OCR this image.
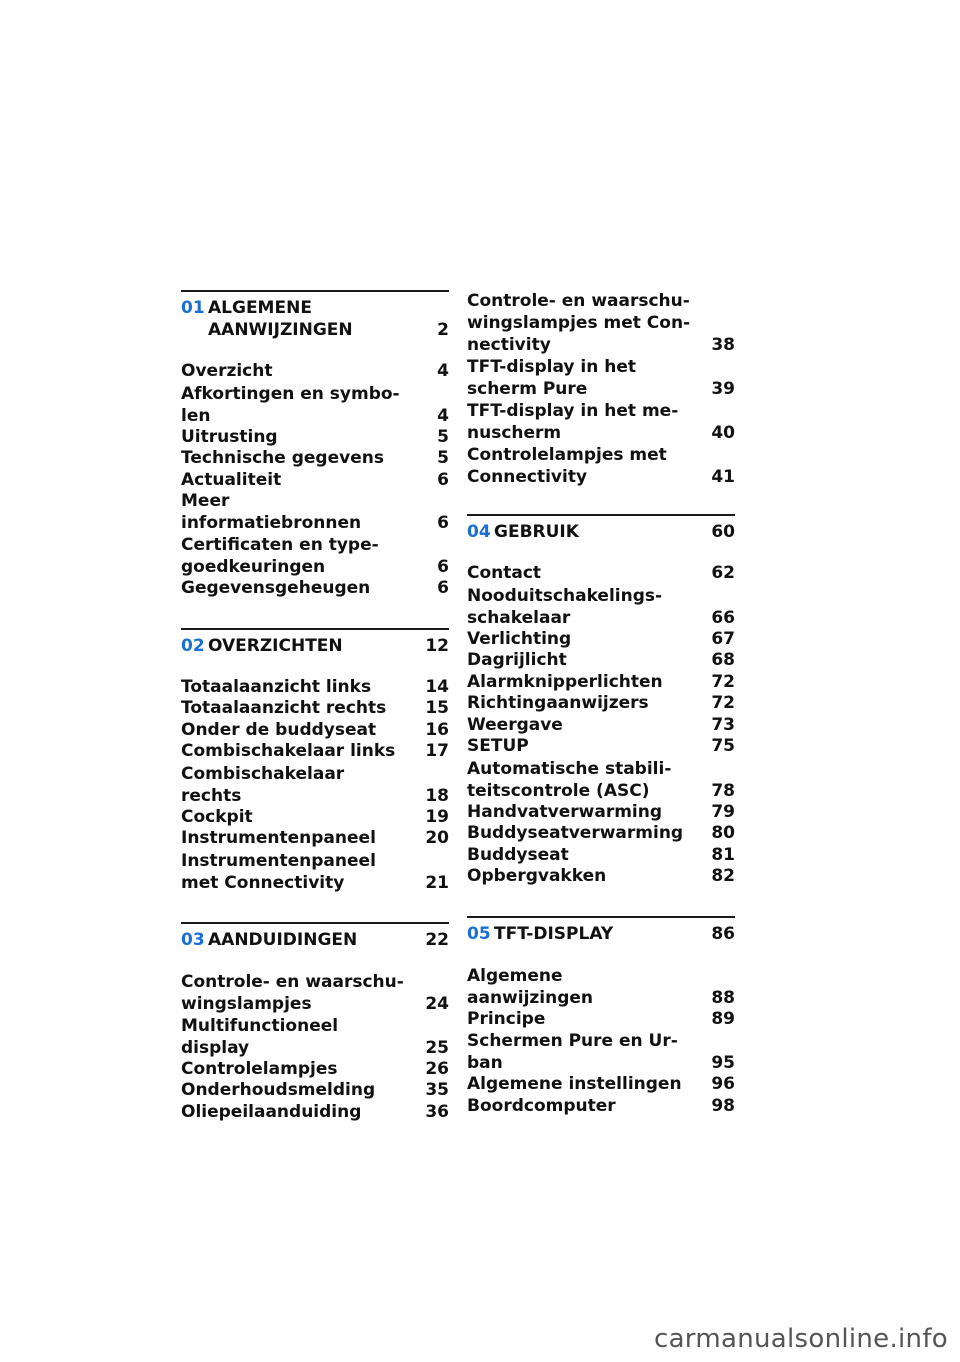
01 ALGEMENE
AANWIJZINGEN	2
Overzicht	4
Afkortingen en symbo-
len	4
Uitrusting	5
Technische gegevens	5
Actualiteit	6
Meer informatiebronnen	6
Certificaten en type-
goedkeuringen	6
Gegevensgeheugen	6
02 OVERZICHTEN	12
Totaalaanzicht links	14
Totaalaanzicht rechts	15
Onder de buddyseat	16
Combischakelaar links	17
Combischakelaar
rechts	18
Cockpit	19
Instrumentenpaneel	20
Instrumentenpaneel
met Connectivity	21
03 AANDUIDINGEN	22
Controle- en waarschu-
wingslampjes	24
Multifunctioneel
display	25
Controlelampjes	26
Onderhoudsmelding	35
Oliepeilaanduiding	36
Controle- en waarschu-
wingslampjes met Con-
nectivity	38
TFT-display in het
scherm Pure	39
TFT-display in het me-
nuscherm	40
Controlelampjes met
Connectivity	41
04 GEBRUIK	60
Contact	62
Nooduitschakelings-
schakelaar	66
Verlichting	67
Dagrijlicht	68
Alarmknipperlichten	72
Richtingaanwijzers	72
Weergave	73
SETUP	75
Automatische stabili-
teitscontrole (ASC)	78
Handvatverwarming	79
Buddyseatverwarming	80
Buddyseat	81
Opbergvakken	82
05 TFT-DISPLAY	86
Algemene
aanwijzingen	88
Principe	89
Schermen Pure en Ur-
ban	95
Algemene instellingen	96
Boordcomputer	98
carmanualsonline.info
